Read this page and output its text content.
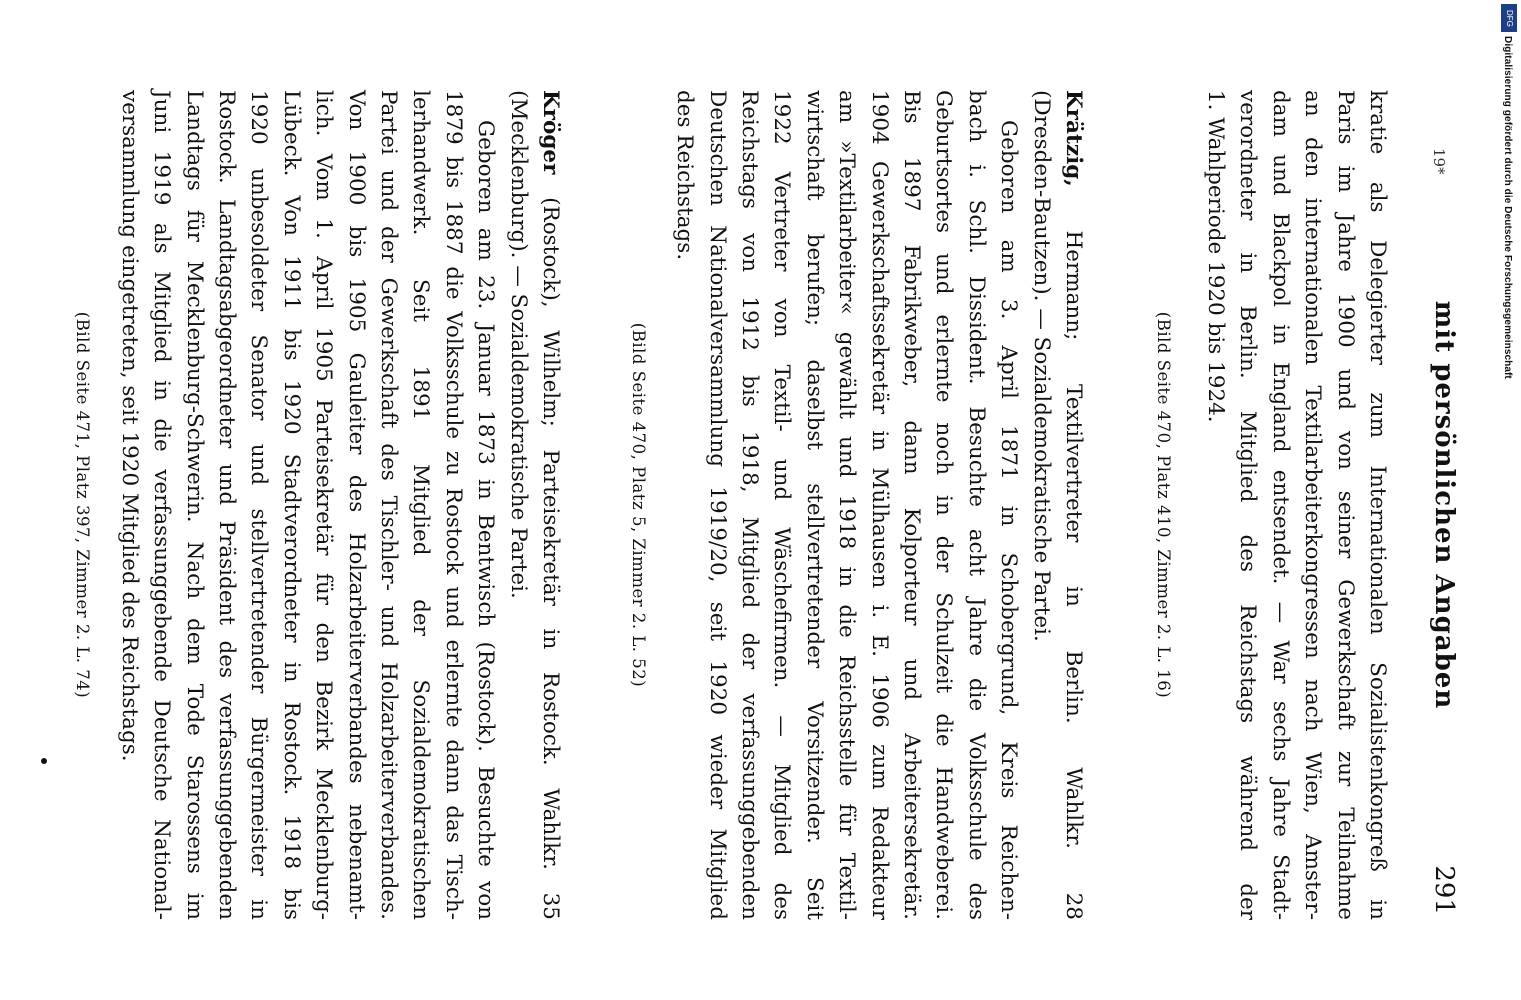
mit persönlichen Angaben
291
kratie als Delegierter zum Internationalen Sozialistenkongreß in
Paris im Jahre 1900 und von seiner Gewerkschaft zur Teilnahme
an den internationalen Textilarbeiterkongressen nach Wien, Amster-
dam und Blackpol in England entsendet. — War sechs Jahre Stadt-
verordneter in Berlin. Mitglied des Reichstags während der
1. Wahlperiode 1920 bis 1924.
(Bild Seite 470, Platz 410, Zimmer 2. L. 16)
Krätzig, Hermann; Textilvertreter in Berlin. Wahlkr. 28
(Dresden-Bautzen). — Sozialdemokratische Partei.
Geboren am 3. April 1871 in Schobergrund, Kreis Reichen-
bach i. Schl. Dissident. Besuchte acht Jahre die Volksschule des
Geburtsortes und erlernte noch in der Schulzeit die Handweberei.
Bis 1897 Fabrikweber, dann Kolporteur und Arbeitersekretär.
1904 Gewerkschaftssekretär in Mülhausen i. E. 1906 zum Redakteur
am »Textilarbeiter« gewählt und 1918 in die Reichsstelle für Textil-
wirtschaft berufen; daselbst stellvertretender Vorsitzender. Seit
1922 Vertreter von Textil- und Wäschefirmen. — Mitglied des
Reichstags von 1912 bis 1918, Mitglied der verfassunggebenden
Deutschen Nationalversammlung 1919/20, seit 1920 wieder Mitglied
des Reichstags.
(Bild Seite 470, Platz 5, Zimmer 2. L. 52)
Kröger (Rostock), Wilhelm; Parteisekretär in Rostock. Wahlkr. 35
(Mecklenburg). — Sozialdemokratische Partei.
Geboren am 23. Januar 1873 in Bentwisch (Rostock). Besuchte von
1879 bis 1887 die Volksschule zu Rostock und erlernte dann das Tisch-
lerhandwerk. Seit 1891 Mitglied der Sozialdemokratischen
Partei und der Gewerkschaft des Tischler- und Holzarbeiterverbandes.
Von 1900 bis 1905 Gauleiter des Holzarbeiterverbandes nebenamt-
lich. Vom 1. April 1905 Parteisekretär für den Bezirk Mecklenburg-
Lübeck. Von 1911 bis 1920 Stadtverordneter in Rostock. 1918 bis
1920 unbesoldeter Senator und stellvertretender Bürgermeister in
Rostock. Landtagsabgeordneter und Präsident des verfassunggebenden
Landtags für Mecklenburg-Schwerin. Nach dem Tode Starossens im
Juni 1919 als Mitglied in die verfassunggebende Deutsche National-
versammlung eingetreten, seit 1920 Mitglied des Reichstags.
(Bild Seite 471, Platz 397, Zimmer 2. L. 74)
19*
DFG
Digitalisierung gefördert durch die Deutsche Forschungsgemeinschaft
